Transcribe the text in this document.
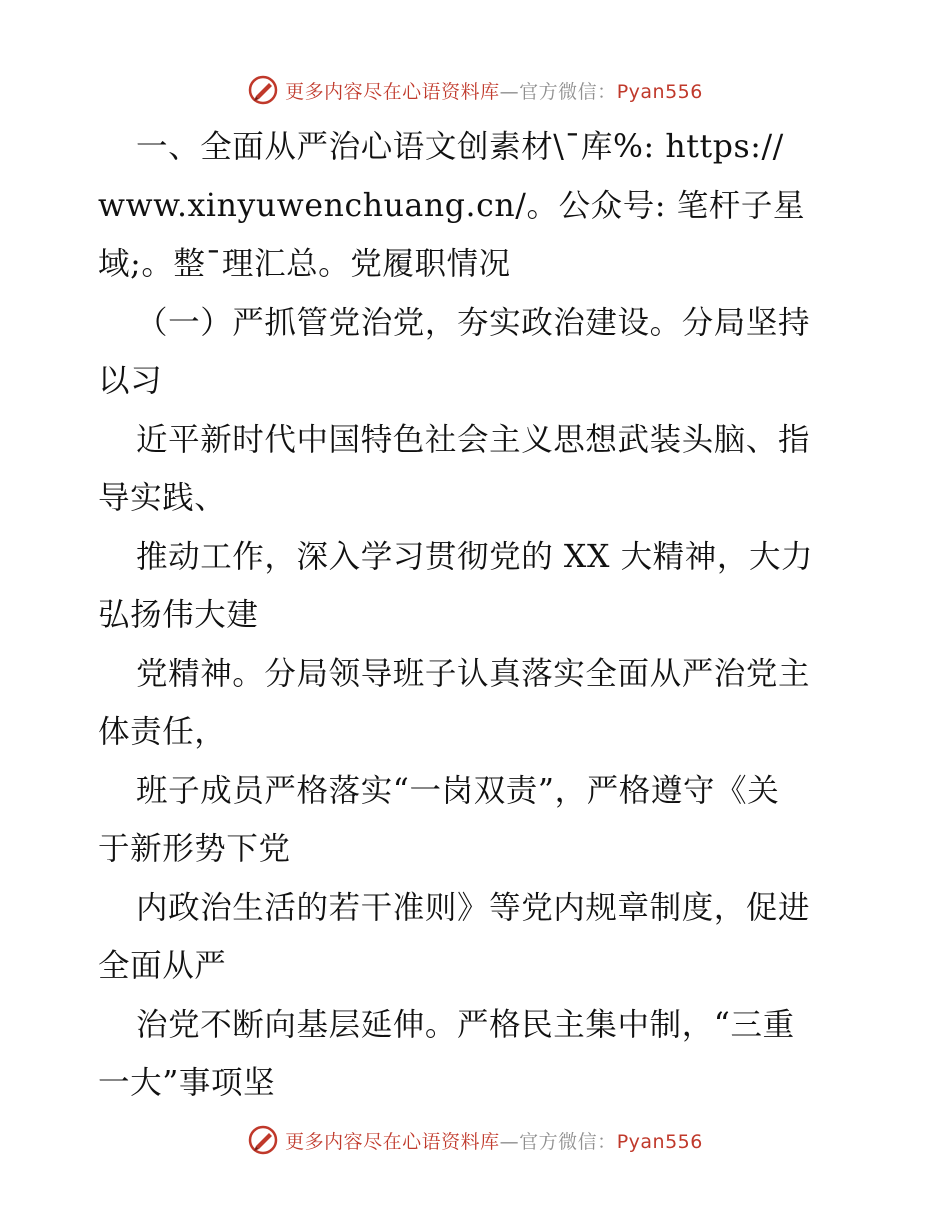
更多内容尽在心语资料库—官方微信：Pyan556
一、全面从严治心语文创素材\¯库%: https://
www.xinyuwenchuang.cn/。公众号: 笔杆子星
域;。整¯理汇总。党履职情况
（一）严抓管党治党，夯实政治建设。分局坚持
以习
近平新时代中国特色社会主义思想武装头脑、指
导实践、
推动工作，深入学习贯彻党的 XX 大精神，大力
弘扬伟大建
党精神。分局领导班子认真落实全面从严治党主
体责任，
班子成员严格落实“一岗双责”，严格遵守《关
于新形势下党
内政治生活的若干准则》等党内规章制度，促进
全面从严
治党不断向基层延伸。严格民主集中制，“三重
一大”事项坚
更多内容尽在心语资料库—官方微信：Pyan556
